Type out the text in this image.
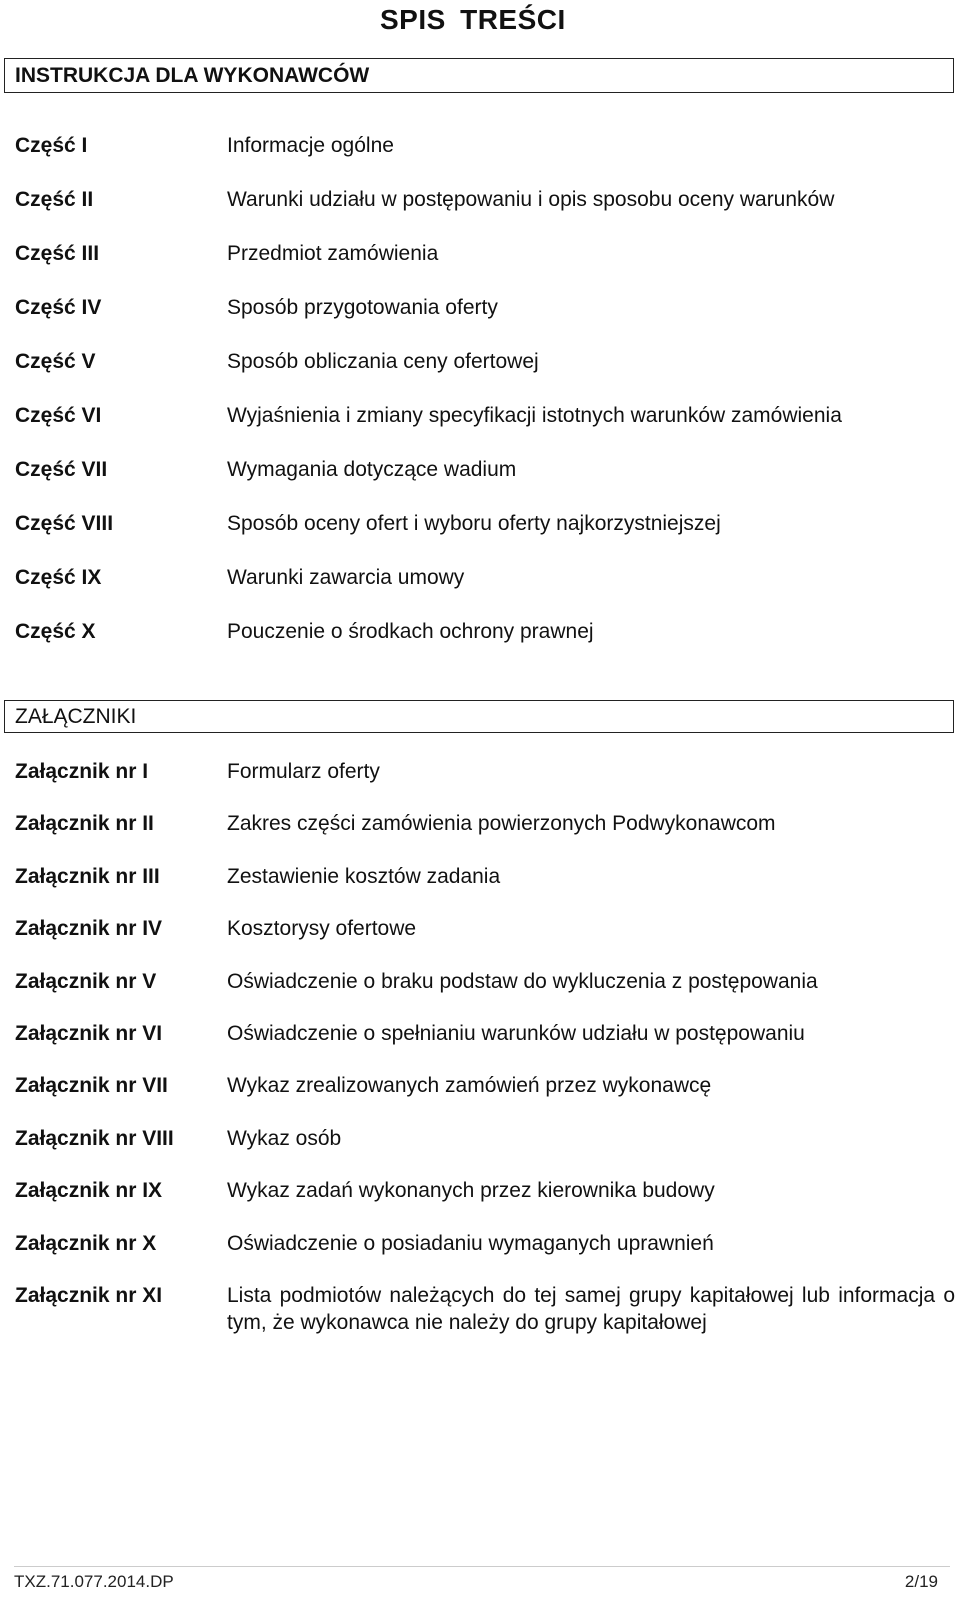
SPIS TREŚCI
INSTRUKCJA DLA WYKONAWCÓW
Część I	Informacje ogólne
Część II	Warunki udziału w postępowaniu i opis sposobu oceny warunków
Część III	Przedmiot zamówienia
Część IV	Sposób przygotowania oferty
Część V	Sposób obliczania ceny ofertowej
Część VI	Wyjaśnienia i zmiany specyfikacji istotnych warunków zamówienia
Część VII	Wymagania dotyczące wadium
Część VIII	Sposób oceny ofert i wyboru oferty najkorzystniejszej
Część IX	Warunki zawarcia umowy
Część X	Pouczenie o środkach ochrony prawnej
ZAŁĄCZNIKI
Załącznik nr I	Formularz oferty
Załącznik nr II	Zakres części zamówienia powierzonych Podwykonawcom
Załącznik nr III	Zestawienie kosztów zadania
Załącznik nr IV	Kosztorysy ofertowe
Załącznik nr V	Oświadczenie o braku podstaw do wykluczenia z postępowania
Załącznik nr VI	Oświadczenie o spełnianiu warunków udziału w postępowaniu
Załącznik nr VII	Wykaz zrealizowanych zamówień przez wykonawcę
Załącznik nr VIII	Wykaz osób
Załącznik nr IX	Wykaz zadań wykonanych przez kierownika budowy
Załącznik nr X	Oświadczenie o posiadaniu wymaganych uprawnień
Załącznik nr XI	Lista podmiotów należących do tej samej grupy kapitałowej lub informacja o tym, że wykonawca nie należy do grupy kapitałowej
TXZ.71.077.2014.DP	2/19
